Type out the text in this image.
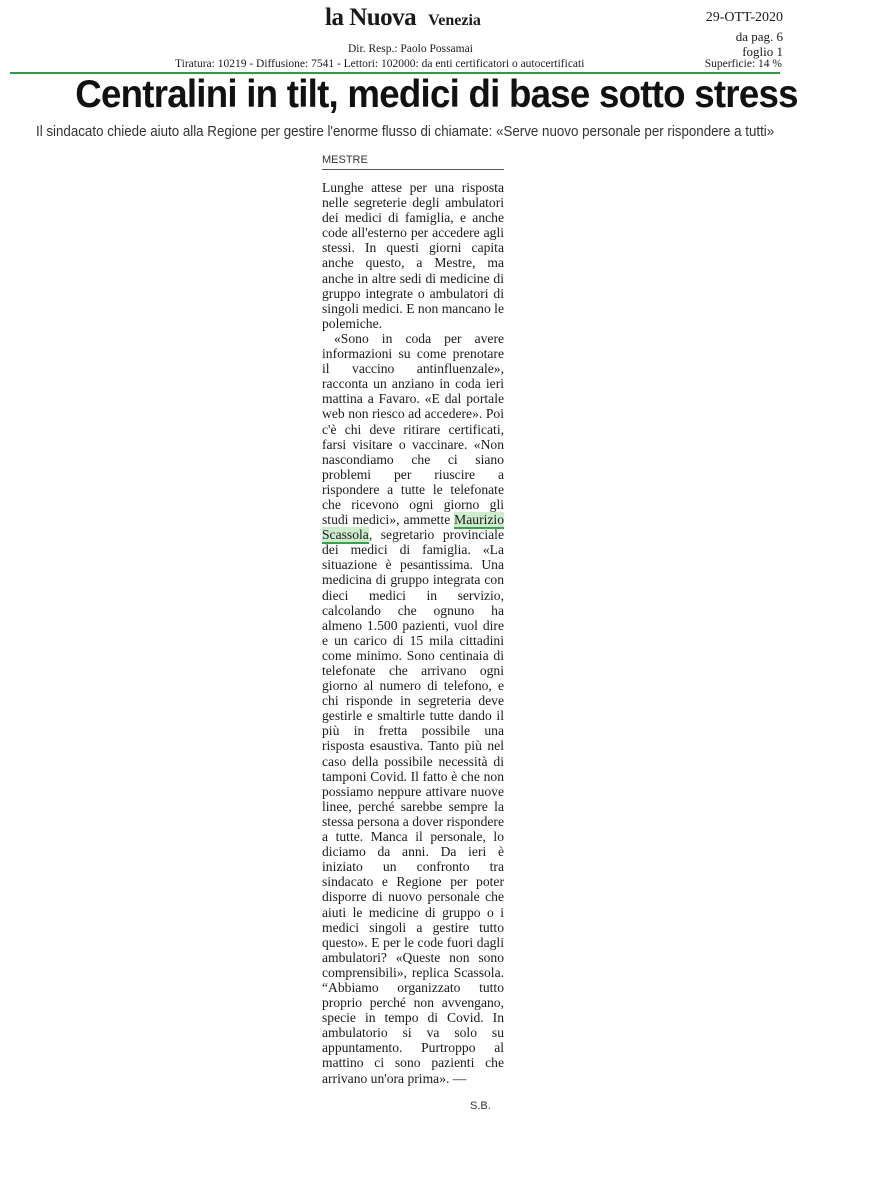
la Nuova Venezia	29-OTT-2020
da pag. 6
foglio 1
Dir. Resp.: Paolo Possamai
Tiratura: 10219 - Diffusione: 7541 - Lettori: 102000: da enti certificatori o autocertificati	Superficie: 14 %
Centralini in tilt, medici di base sotto stress

Il sindacato chiede aiuto alla Regione per gestire l'enorme flusso di chiamate: «Serve nuovo personale per rispondere a tutti»

MESTRE

Lunghe attese per una risposta nelle segreterie degli ambulatori dei medici di famiglia, e anche code all'esterno per accedere agli stessi. In questi giorni capita anche questo, a Mestre, ma anche in altre sedi di medicine di gruppo integrate o ambulatori di singoli medici. E non mancano le polemiche.

«Sono in coda per avere informazioni su come prenotare il vaccino antinfluenzale», racconta un anziano in coda ieri mattina a Favaro. «E dal portale web non riesco ad accedere». Poi c'è chi deve ritirare certificati, farsi visitare o vaccinare. «Non nascondiamo che ci siano problemi per riuscire a rispondere a tutte le telefonate che ricevono ogni giorno gli studi medici», ammette Maurizio Scassola, segretario provinciale dei medici di famiglia. «La situazione è pesantissima. Una medicina di gruppo integrata con dieci medici in servizio, calcolando che ognuno ha almeno 1.500 pazienti, vuol dire e un carico di 15 mila cittadini come minimo. Sono centinaia di telefonate che arrivano ogni giorno al numero di telefono, e chi risponde in segreteria deve gestirle e smaltirle tutte dando il più in fretta possibile una risposta esaustiva. Tanto più nel caso della possibile necessità di tamponi Covid. Il fatto è che non possiamo neppure attivare nuove linee, perché sarebbe sempre la stessa persona a dover rispondere a tutte. Manca il personale, lo diciamo da anni. Da ieri è iniziato un confronto tra sindacato e Regione per poter disporre di nuovo personale che aiuti le medicine di gruppo o i medici singoli a gestire tutto questo». E per le code fuori dagli ambulatori? «Queste non sono comprensibili», replica Scassola. “Abbiamo organizzato tutto proprio perché non avvengano, specie in tempo di Covid. In ambulatorio si va solo su appuntamento. Purtroppo al mattino ci sono pazienti che arrivano un'ora prima». —

S.B.
